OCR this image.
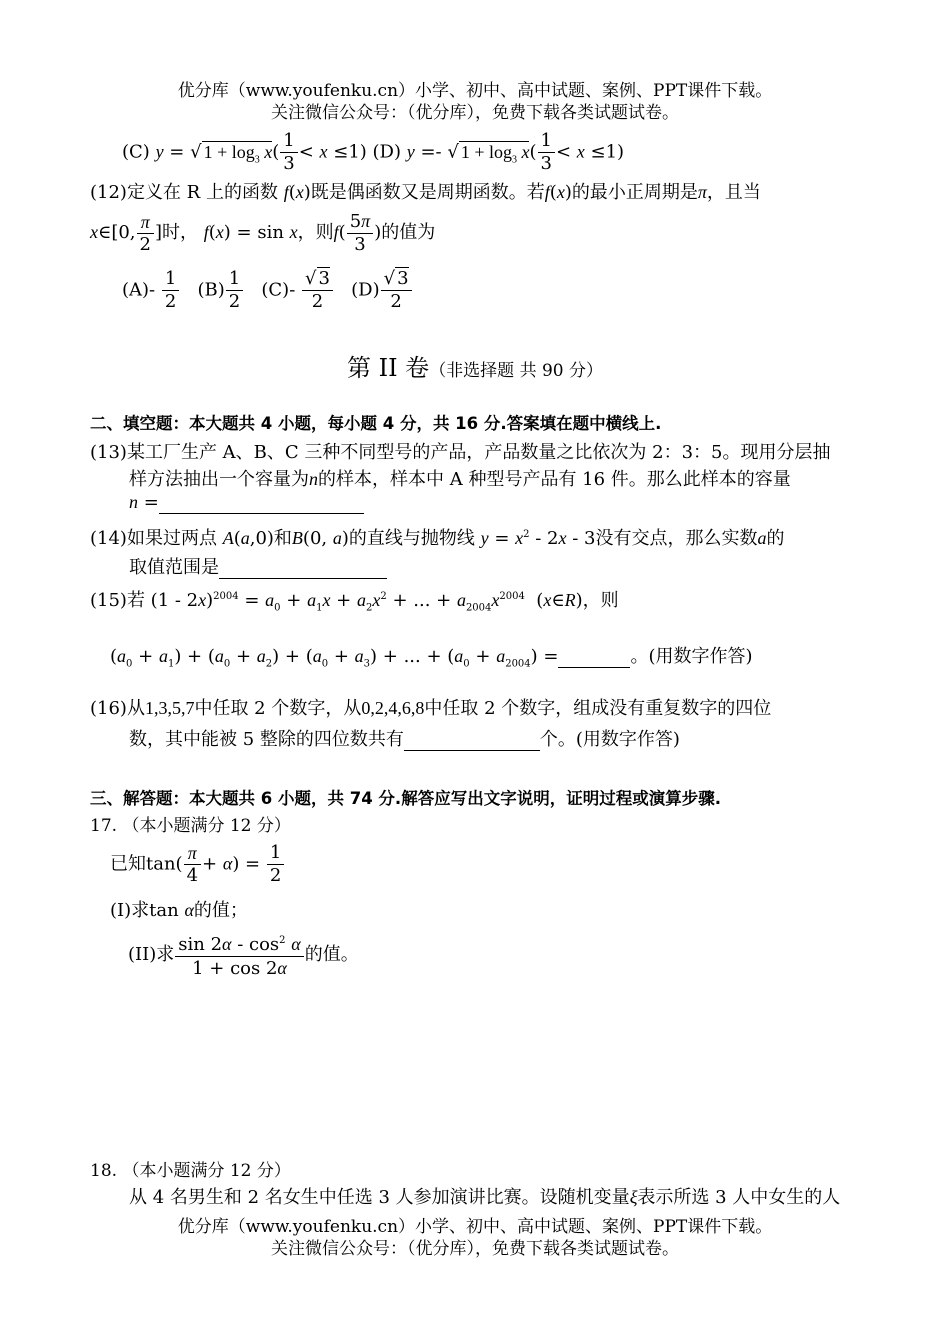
优分库（www.youfenku.cn）小学、初中、高中试题、案例、PPT课件下载。
关注微信公众号：（优分库），免费下载各类试题试卷。
(C) y = √ $1 + \log_3 x( \frac{1}{3} < x \le 1)$ (D) y =- √ $1 + \log_3 x( \frac{1}{3} < x \le 1)$
(12)定义在 R 上的函数 f(x)既是偶函数又是周期函数。若f(x)的最小正周期是π，且当
x∈[0, $\frac{\pi}{2}$ ]时， f(x) = sin x，则$f( \frac{5\pi}{3}$ )的值为
$(A)- \frac{1}{2} (B) \frac{1}{2} (C)- \frac{√ 3}{2} (D) \frac{√ 3}{2}$
第 II 卷（非选择题 共 90 分）
二、填空题：本大题共 4 小题，每小题 4 分，共 16 分.答案填在题中横线上.
(13)某工厂生产 A、B、C 三种不同型号的产品，产品数量之比依次为 2：3：5。现用分层抽
样方法抽出一个容量为n的样本，样本中 A 种型号产品有 16 件。那么此样本的容量
n =
(14)如果过两点 A(a,0)和B(0, a)的直线与抛物线 $y = x^2 - 2x - 3$没有交点，那么实数a的
取值范围是
(15)若 $(1 - 2x)^{2004} = a_0 + a_1x + a_2x^2$ + ... + $a_{2004}x^{2004}$  (x∈R)，则
$(a_0 + a_1) + (a_0 + a_2) + (a_0 + a_3)$ + ... + $(a_0 + a_{2004})$ =	。(用数字作答)
(16)从1,3,5,7中任取 2 个数字，从0,2,4,6,8中任取 2 个数字，组成没有重复数字的四位
数，其中能被 5 整除的四位数共有	个。(用数字作答)
三、解答题：本大题共 6 小题，共 74 分.解答应写出文字说明，证明过程或演算步骤.
17. （本小题满分 12 分）
已知$\tan( \frac{\pi}{4} + \alpha) = \frac{1}{2}$
(I)求tan α的值；
(II)求 $\frac{\sin 2\alpha - \cos^2 \alpha}{1 + \cos 2\alpha}$ 的值。
18. （本小题满分 12 分）
从 4 名男生和 2 名女生中任选 3 人参加演讲比赛。设随机变量ξ表示所选 3 人中女生的人
优分库（www.youfenku.cn）小学、初中、高中试题、案例、PPT课件下载。
关注微信公众号：（优分库），免费下载各类试题试卷。
